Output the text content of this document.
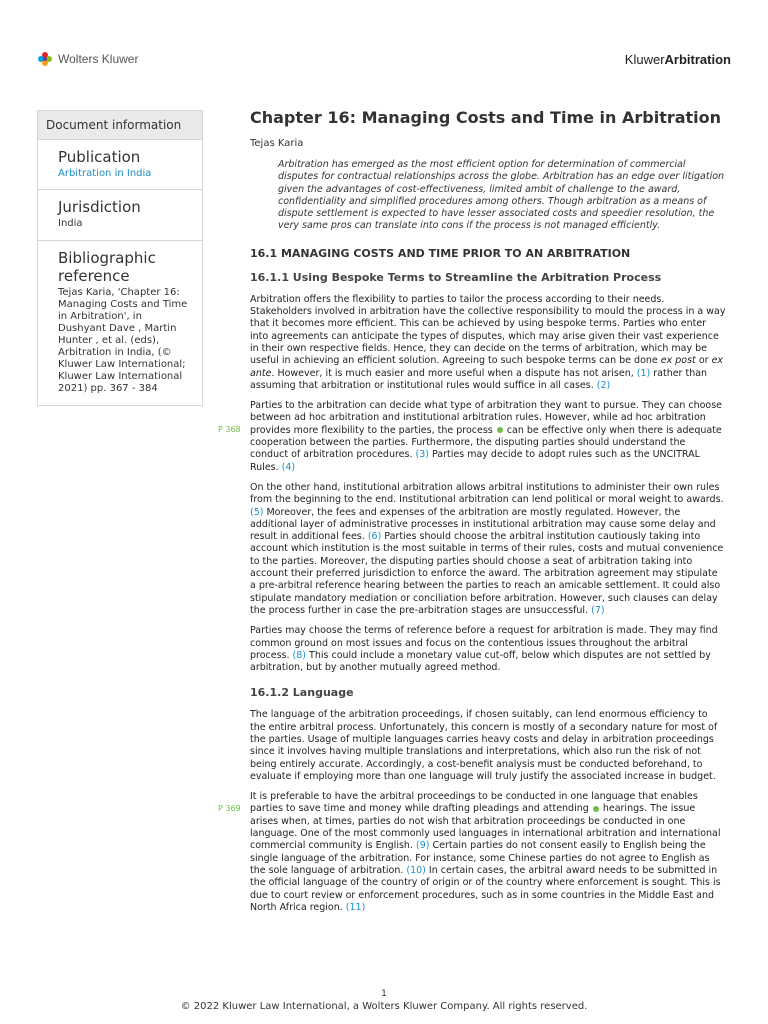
Wolters Kluwer	KluwerArbitration
Document information
Publication
Arbitration in India
Jurisdiction
India
Bibliographic reference
Tejas Karia, 'Chapter 16: Managing Costs and Time in Arbitration', in Dushyant Dave , Martin Hunter , et al. (eds), Arbitration in India, (© Kluwer Law International; Kluwer Law International 2021) pp. 367 - 384
Chapter 16: Managing Costs and Time in Arbitration
Tejas Karia

Arbitration has emerged as the most efficient option for determination of commercial disputes for contractual relationships across the globe. Arbitration has an edge over litigation given the advantages of cost-effectiveness, limited ambit of challenge to the award, confidentiality and simplified procedures among others. Though arbitration as a means of dispute settlement is expected to have lesser associated costs and speedier resolution, the very same pros can translate into cons if the process is not managed efficiently.

16.1 MANAGING COSTS AND TIME PRIOR TO AN ARBITRATION
16.1.1 Using Bespoke Terms to Streamline the Arbitration Process

Arbitration offers the flexibility to parties to tailor the process according to their needs. Stakeholders involved in arbitration have the collective responsibility to mould the process in a way that it becomes more efficient. This can be achieved by using bespoke terms. Parties who enter into agreements can anticipate the types of disputes, which may arise given their vast experience in their own respective fields. Hence, they can decide on the terms of arbitration, which may be useful in achieving an efficient solution. Agreeing to such bespoke terms can be done ex post or ex ante. However, it is much easier and more useful when a dispute has not arisen, (1) rather than assuming that arbitration or institutional rules would suffice in all cases. (2)

P 368
Parties to the arbitration can decide what type of arbitration they want to pursue. They can choose between ad hoc arbitration and institutional arbitration rules. However, while ad hoc arbitration provides more flexibility to the parties, the process  can be effective only when there is adequate cooperation between the parties. Furthermore, the disputing parties should understand the conduct of arbitration procedures. (3) Parties may decide to adopt rules such as the UNCITRAL Rules. (4)

On the other hand, institutional arbitration allows arbitral institutions to administer their own rules from the beginning to the end. Institutional arbitration can lend political or moral weight to awards. (5) Moreover, the fees and expenses of the arbitration are mostly regulated. However, the additional layer of administrative processes in institutional arbitration may cause some delay and result in additional fees. (6) Parties should choose the arbitral institution cautiously taking into account which institution is the most suitable in terms of their rules, costs and mutual convenience to the parties. Moreover, the disputing parties should choose a seat of arbitration taking into account their preferred jurisdiction to enforce the award. The arbitration agreement may stipulate a pre-arbitral reference hearing between the parties to reach an amicable settlement. It could also stipulate mandatory mediation or conciliation before arbitration. However, such clauses can delay the process further in case the pre-arbitration stages are unsuccessful. (7)

Parties may choose the terms of reference before a request for arbitration is made. They may find common ground on most issues and focus on the contentious issues throughout the arbitral process. (8) This could include a monetary value cut-off, below which disputes are not settled by arbitration, but by another mutually agreed method.

16.1.2 Language

The language of the arbitration proceedings, if chosen suitably, can lend enormous efficiency to the entire arbitral process. Unfortunately, this concern is mostly of a secondary nature for most of the parties. Usage of multiple languages carries heavy costs and delay in arbitration proceedings since it involves having multiple translations and interpretations, which also run the risk of not being entirely accurate. Accordingly, a cost-benefit analysis must be conducted beforehand, to evaluate if employing more than one language will truly justify the associated increase in budget.

P 369
It is preferable to have the arbitral proceedings to be conducted in one language that enables parties to save time and money while drafting pleadings and attending  hearings. The issue arises when, at times, parties do not wish that arbitration proceedings be conducted in one language. One of the most commonly used languages in international arbitration and international commercial community is English. (9) Certain parties do not consent easily to English being the single language of the arbitration. For instance, some Chinese parties do not agree to English as the sole language of arbitration. (10) In certain cases, the arbitral award needs to be submitted in the official language of the country of origin or of the country where enforcement is sought. This is due to court review or enforcement procedures, such as in some countries in the Middle East and North Africa region. (11)

1
© 2022 Kluwer Law International, a Wolters Kluwer Company. All rights reserved.
